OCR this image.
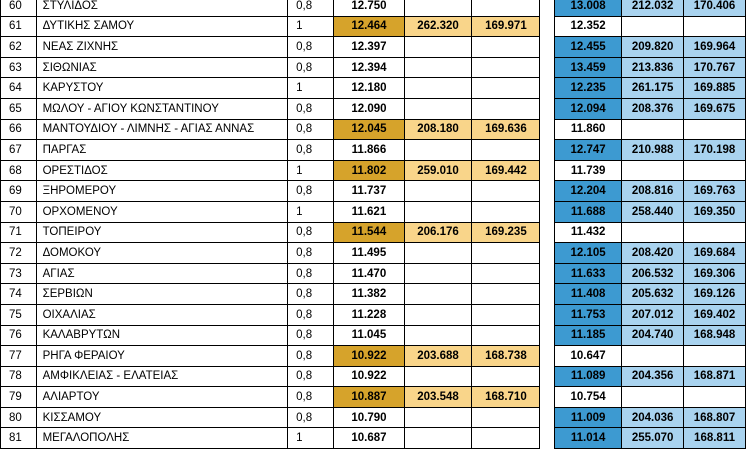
60	ΣΤΥΛΙΔΟΣ	0,8	12.750				13.008	212.032	170.406
61	ΔΥΤΙΚΗΣ ΣΑΜΟΥ	1	12.464	262.320	169.971		12.352		
62	ΝΕΑΣ ΖΙΧΝΗΣ	0,8	12.397				12.455	209.820	169.964
63	ΣΙΘΩΝΙΑΣ	0,8	12.394				13.459	213.836	170.767
64	ΚΑΡΥΣΤΟΥ	1	12.180				12.235	261.175	169.885
65	ΜΩΛΟΥ - ΑΓΙΟΥ ΚΩΝΣΤΑΝΤΙΝΟΥ	0,8	12.090				12.094	208.376	169.675
66	ΜΑΝΤΟΥΔΙΟΥ - ΛΙΜΝΗΣ - ΑΓΙΑΣ ΑΝΝΑΣ	0,8	12.045	208.180	169.636		11.860		
67	ΠΑΡΓΑΣ	0,8	11.866				12.747	210.988	170.198
68	ΟΡΕΣΤΙΔΟΣ	1	11.802	259.010	169.442		11.739		
69	ΞΗΡΟΜΕΡΟΥ	0,8	11.737				12.204	208.816	169.763
70	ΟΡΧΟΜΕΝΟΥ	1	11.621				11.688	258.440	169.350
71	ΤΟΠΕΙΡΟΥ	0,8	11.544	206.176	169.235		11.432		
72	ΔΟΜΟΚΟΥ	0,8	11.495				12.105	208.420	169.684
73	ΑΓΙΑΣ	0,8	11.470				11.633	206.532	169.306
74	ΣΕΡΒΙΩΝ	0,8	11.382				11.408	205.632	169.126
75	ΟΙΧΑΛΙΑΣ	0,8	11.228				11.753	207.012	169.402
76	ΚΑΛΑΒΡΥΤΩΝ	0,8	11.045				11.185	204.740	168.948
77	ΡΗΓΑ ΦΕΡΑΙΟΥ	0,8	10.922	203.688	168.738		10.647		
78	ΑΜΦΙΚΛΕΙΑΣ - ΕΛΑΤΕΙΑΣ	0,8	10.922				11.089	204.356	168.871
79	ΑΛΙΑΡΤΟΥ	0,8	10.887	203.548	168.710		10.754		
80	ΚΙΣΣΑΜΟΥ	0,8	10.790				11.009	204.036	168.807
81	ΜΕΓΑΛΟΠΟΛΗΣ	1	10.687				11.014	255.070	168.811
